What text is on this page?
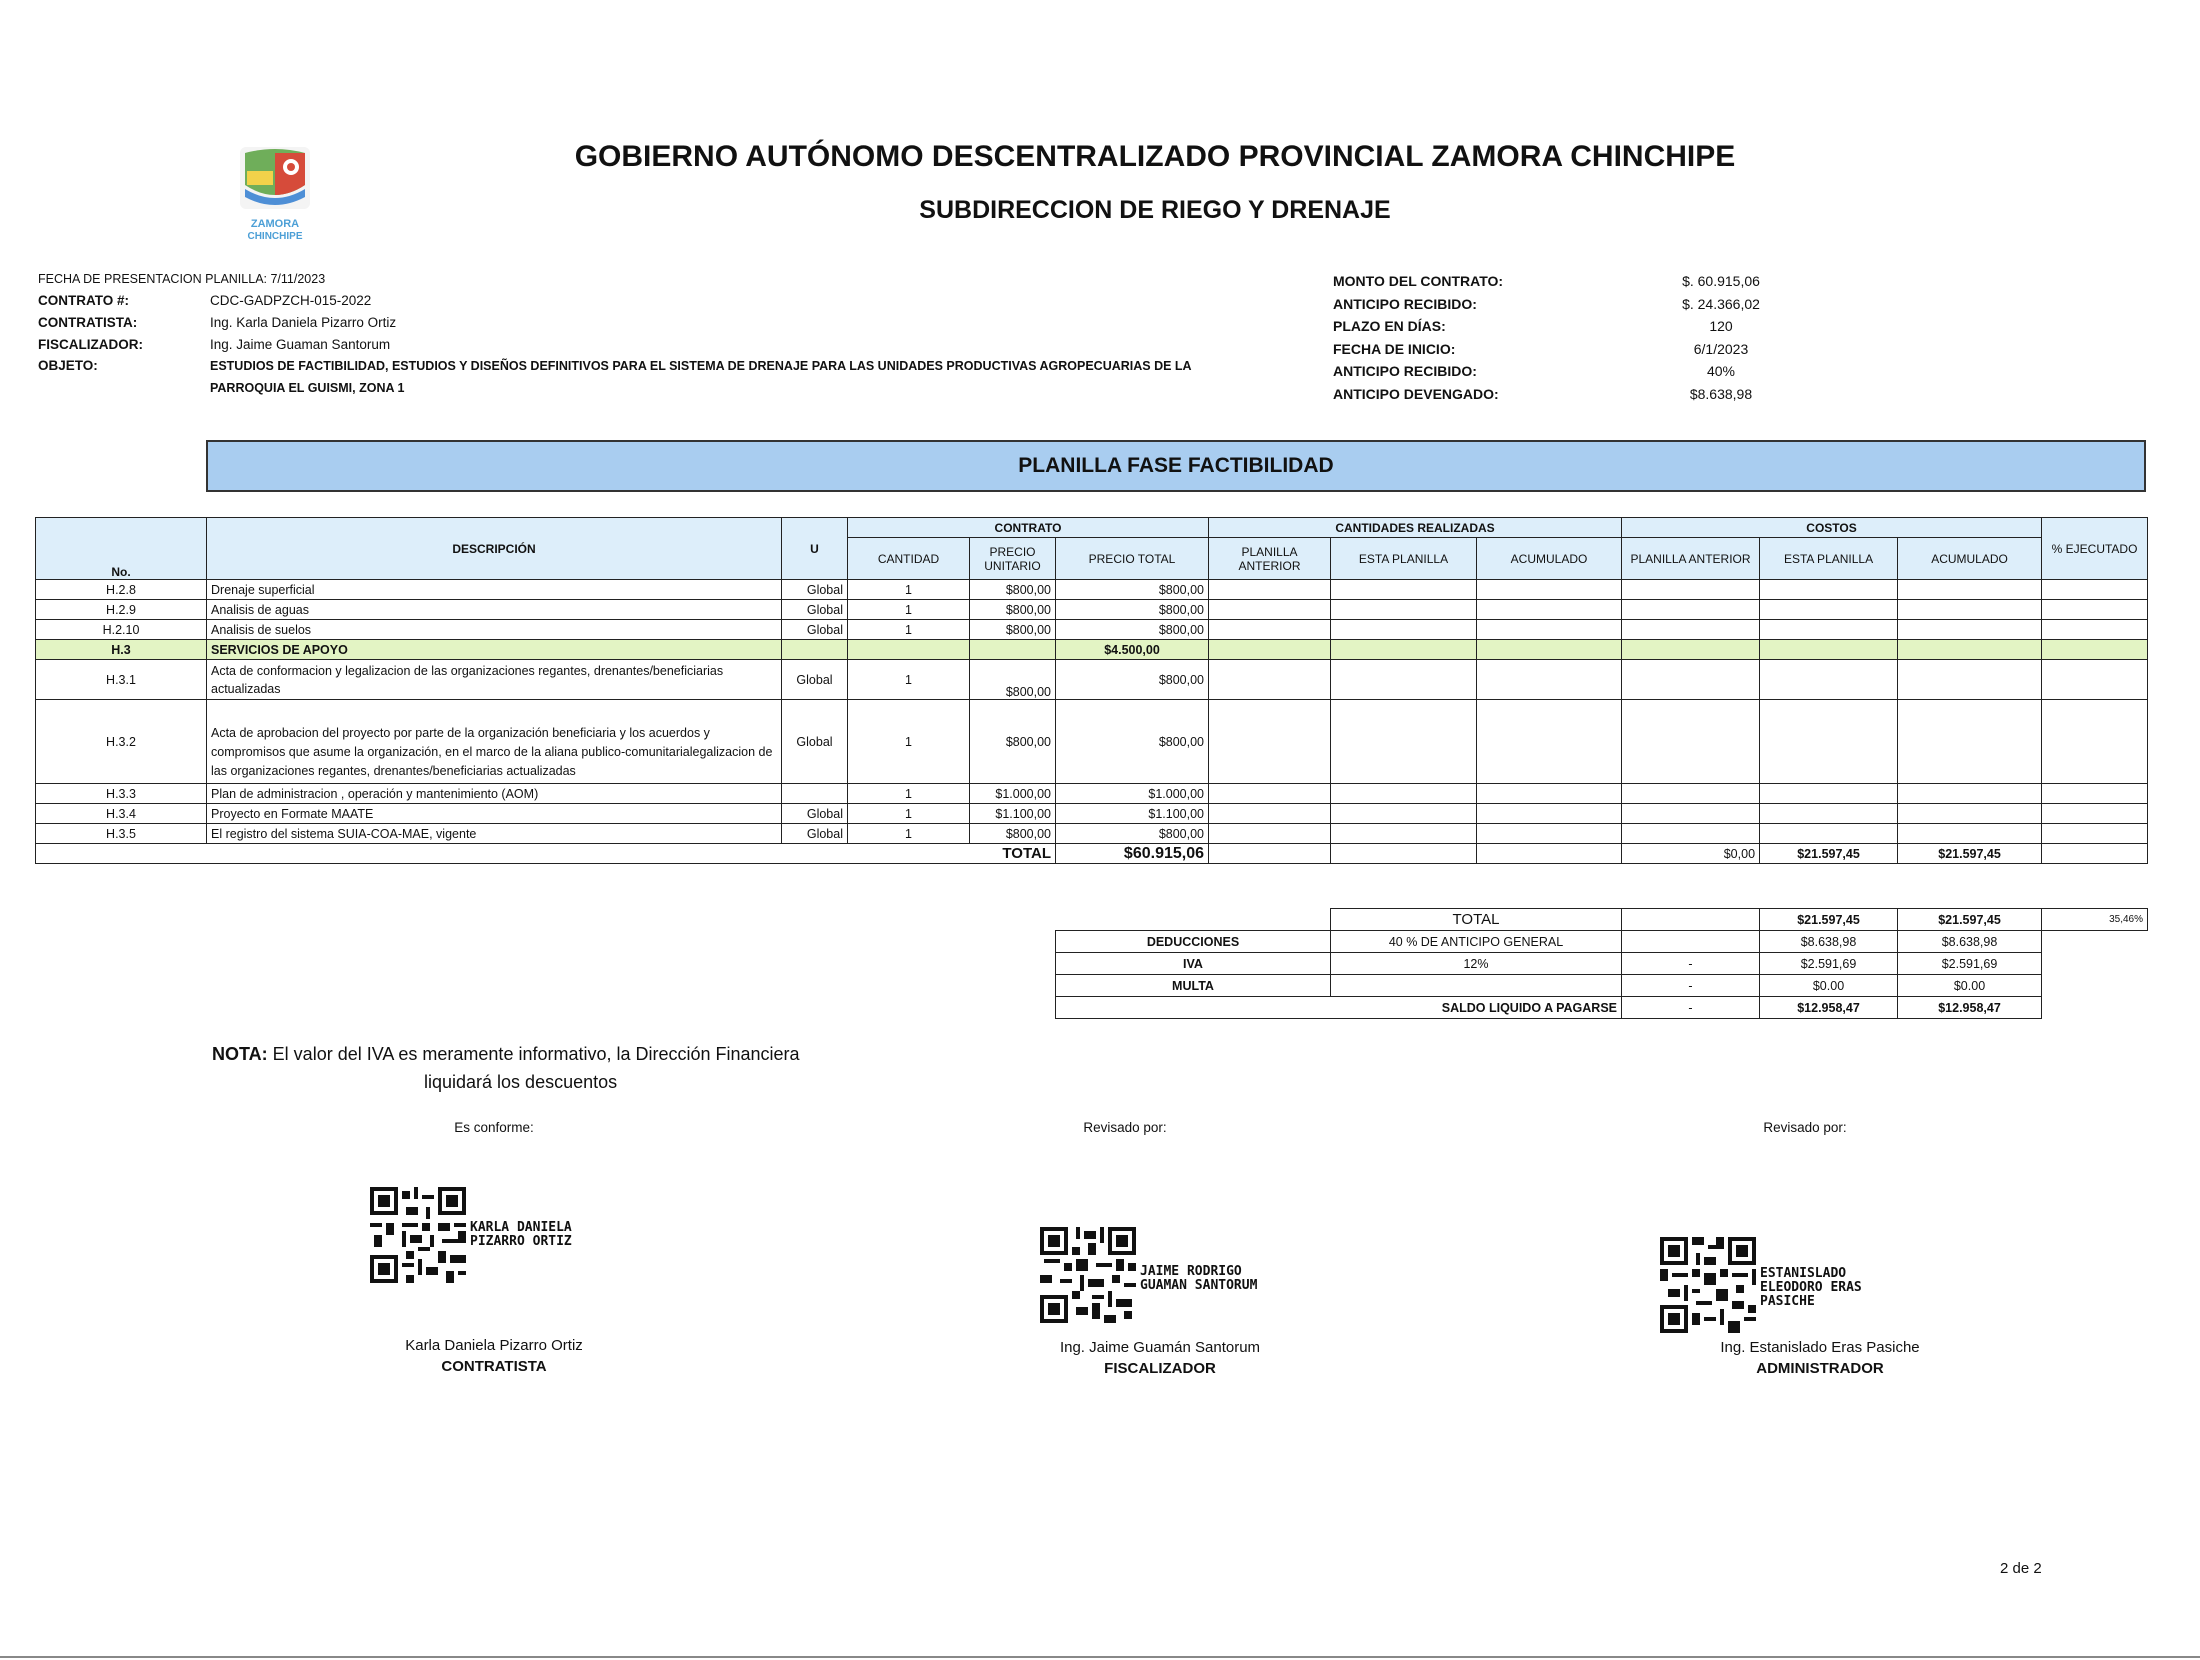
ZAMORA
CHINCHIPE
GOBIERNO AUTÓNOMO DESCENTRALIZADO PROVINCIAL ZAMORA CHINCHIPE
SUBDIRECCION DE RIEGO Y DRENAJE
FECHA DE PRESENTACION PLANILLA: 7/11/2023
CONTRATO #:	CDC-GADPZCH-015-2022
CONTRATISTA:	Ing. Karla Daniela Pizarro Ortiz
FISCALIZADOR:	Ing. Jaime Guaman Santorum
OBJETO:	ESTUDIOS DE FACTIBILIDAD, ESTUDIOS Y DISEÑOS DEFINITIVOS PARA EL SISTEMA DE DRENAJE PARA LAS UNIDADES PRODUCTIVAS AGROPECUARIAS DE LA PARROQUIA EL GUISMI, ZONA 1
MONTO DEL CONTRATO:	$. 60.915,06
ANTICIPO RECIBIDO:	$. 24.366,02
PLAZO EN DÍAS:	120
FECHA DE INICIO:	6/1/2023
ANTICIPO RECIBIDO:	40%
ANTICIPO DEVENGADO:	$8.638,98
PLANILLA FASE FACTIBILIDAD
No.	DESCRIPCIÓN	U	CONTRATO			CANTIDADES REALIZADAS			COSTOS			% EJECUTADO
			CANTIDAD	PRECIO UNITARIO	PRECIO TOTAL	PLANILLA ANTERIOR	ESTA PLANILLA	ACUMULADO	PLANILLA ANTERIOR	ESTA PLANILLA	ACUMULADO	
H.2.8	Drenaje superficial	Global	1	$800,00	$800,00							
H.2.9	Analisis de aguas	Global	1	$800,00	$800,00							
H.2.10	Analisis de suelos	Global	1	$800,00	$800,00							
H.3	SERVICIOS DE APOYO				$4.500,00							
H.3.1	Acta de conformacion y legalizacion de las organizaciones regantes, drenantes/beneficiarias actualizadas	Global	1	$800,00	$800,00							
H.3.2	Acta de aprobacion del proyecto por parte de la organización beneficiaria y los acuerdos y compromisos que asume la organización, en el marco de la aliana publico-comunitarialegalizacion de las organizaciones regantes, drenantes/beneficiarias actualizadas	Global	1	$800,00	$800,00							
H.3.3	Plan de administracion , operación y mantenimiento (AOM)		1	$1.000,00	$1.000,00							
H.3.4	Proyecto en Formate MAATE	Global	1	$1.100,00	$1.100,00							
H.3.5	El registro del sistema SUIA-COA-MAE, vigente	Global	1	$800,00	$800,00							
				TOTAL	$60.915,06				$0,00	$21.597,45	$21.597,45	
	TOTAL		$21.597,45	$21.597,45	35,46%
DEDUCCIONES	40 % DE ANTICIPO GENERAL		$8.638,98	$8.638,98	
IVA	12%	-	$2.591,69	$2.591,69	
MULTA		-	$0.00	$0.00	
SALDO LIQUIDO A PAGARSE		-	$12.958,47	$12.958,47	
NOTA: El valor del IVA es meramente informativo, la Dirección Financiera
liquidará los descuentos
Es conforme:
KARLA DANIELA
PIZARRO ORTIZ
Karla Daniela Pizarro Ortiz
CONTRATISTA
Revisado por:
JAIME RODRIGO
GUAMAN SANTORUM
Ing. Jaime Guamán Santorum
FISCALIZADOR
Revisado por:
ESTANISLADO
ELEODORO ERAS
PASICHE
Ing. Estanislado Eras Pasiche
ADMINISTRADOR
2 de 2
